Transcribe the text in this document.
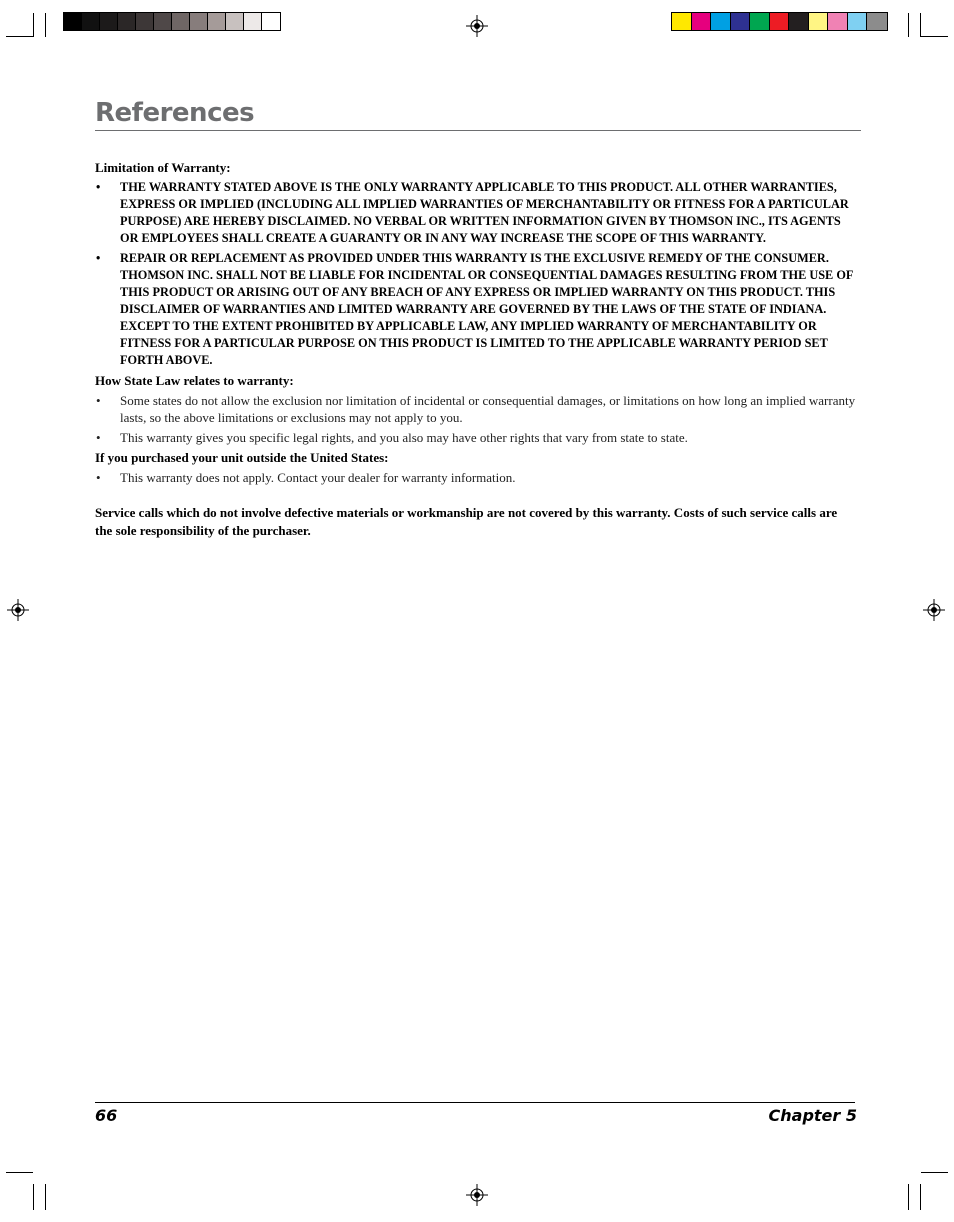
References

Limitation of Warranty:

• THE WARRANTY STATED ABOVE IS THE ONLY WARRANTY APPLICABLE TO THIS PRODUCT. ALL OTHER WARRANTIES, EXPRESS OR IMPLIED (INCLUDING ALL IMPLIED WARRANTIES OF MERCHANTABILITY OR FITNESS FOR A PARTICULAR PURPOSE) ARE HEREBY DISCLAIMED. NO VERBAL OR WRITTEN INFORMATION GIVEN BY THOMSON INC., ITS AGENTS OR EMPLOYEES SHALL CREATE A GUARANTY OR IN ANY WAY INCREASE THE SCOPE OF THIS WARRANTY.
• REPAIR OR REPLACEMENT AS PROVIDED UNDER THIS WARRANTY IS THE EXCLUSIVE REMEDY OF THE CONSUMER. THOMSON INC. SHALL NOT BE LIABLE FOR INCIDENTAL OR CONSEQUENTIAL DAMAGES RESULTING FROM THE USE OF THIS PRODUCT OR ARISING OUT OF ANY BREACH OF ANY EXPRESS OR IMPLIED WARRANTY ON THIS PRODUCT. THIS DISCLAIMER OF WARRANTIES AND LIMITED WARRANTY ARE GOVERNED BY THE LAWS OF THE STATE OF INDIANA. EXCEPT TO THE EXTENT PROHIBITED BY APPLICABLE LAW, ANY IMPLIED WARRANTY OF MERCHANTABILITY OR FITNESS FOR A PARTICULAR PURPOSE ON THIS PRODUCT IS LIMITED TO THE APPLICABLE WARRANTY PERIOD SET FORTH ABOVE.

How State Law relates to warranty:

• Some states do not allow the exclusion nor limitation of incidental or consequential damages, or limitations on how long an implied warranty lasts, so the above limitations or exclusions may not apply to you.
• This warranty gives you specific legal rights, and you also may have other rights that vary from state to state.

If you purchased your unit outside the United States:

• This warranty does not apply. Contact your dealer for warranty information.

Service calls which do not involve defective materials or workmanship are not covered by this warranty. Costs of such service calls are the sole responsibility of the purchaser.

66	Chapter 5
